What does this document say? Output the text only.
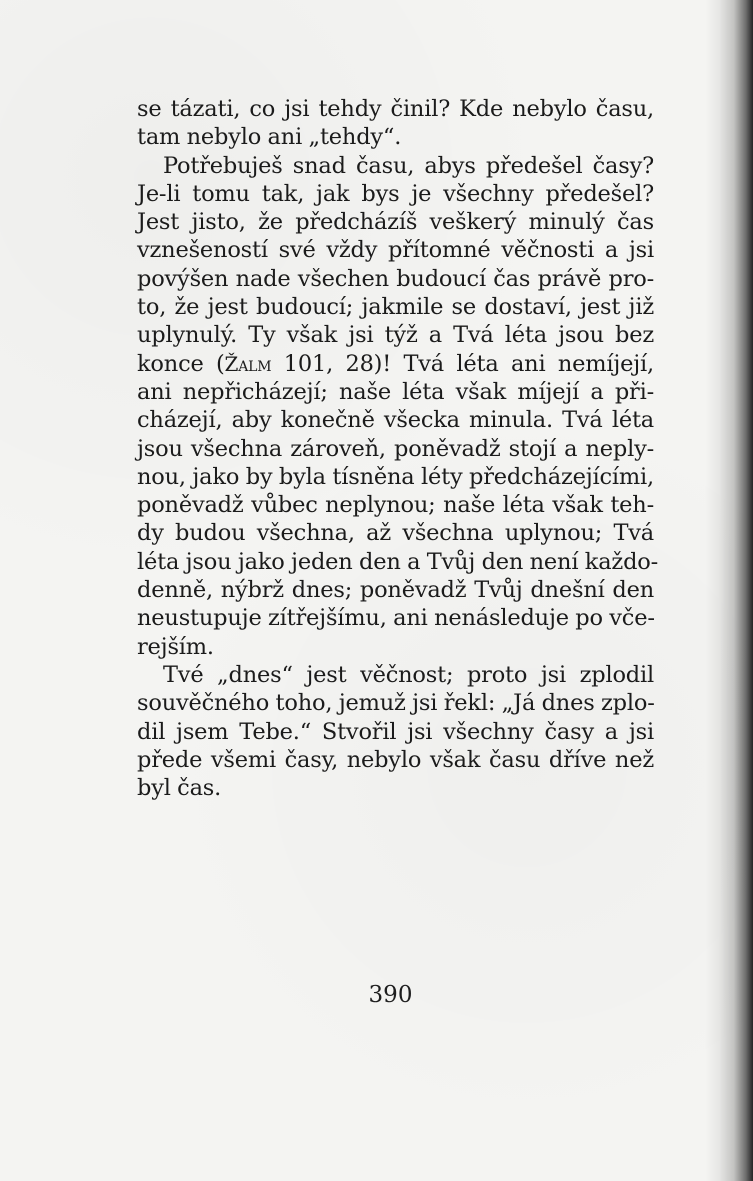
se tázati, co jsi tehdy činil? Kde nebylo času,
tam nebylo ani „tehdy“.
Potřebuješ snad času, abys předešel časy?
Je-li tomu tak, jak bys je všechny předešel?
Jest jisto, že předcházíš veškerý minulý čas
vznešeností své vždy přítomné věčnosti a jsi
povýšen nade všechen budoucí čas právě pro-
to, že jest budoucí; jakmile se dostaví, jest již
uplynulý. Ty však jsi týž a Tvá léta jsou bez
konce (Žalm 101, 28)! Tvá léta ani nemíjejí,
ani nepřicházejí; naše léta však míjejí a při-
cházejí, aby konečně všecka minula. Tvá léta
jsou všechna zároveň, poněvadž stojí a neply-
nou, jako by byla tísněna léty předcházejícími,
poněvadž vůbec neplynou; naše léta však teh-
dy budou všechna, až všechna uplynou; Tvá
léta jsou jako jeden den a Tvůj den není každo-
denně, nýbrž dnes; poněvadž Tvůj dnešní den
neustupuje zítřejšímu, ani nenásleduje po vče-
rejším.
Tvé „dnes“ jest věčnost; proto jsi zplodil
souvěčného toho, jemuž jsi řekl: „Já dnes zplo-
dil jsem Tebe.“ Stvořil jsi všechny časy a jsi
přede všemi časy, nebylo však času dříve než
byl čas.
390
